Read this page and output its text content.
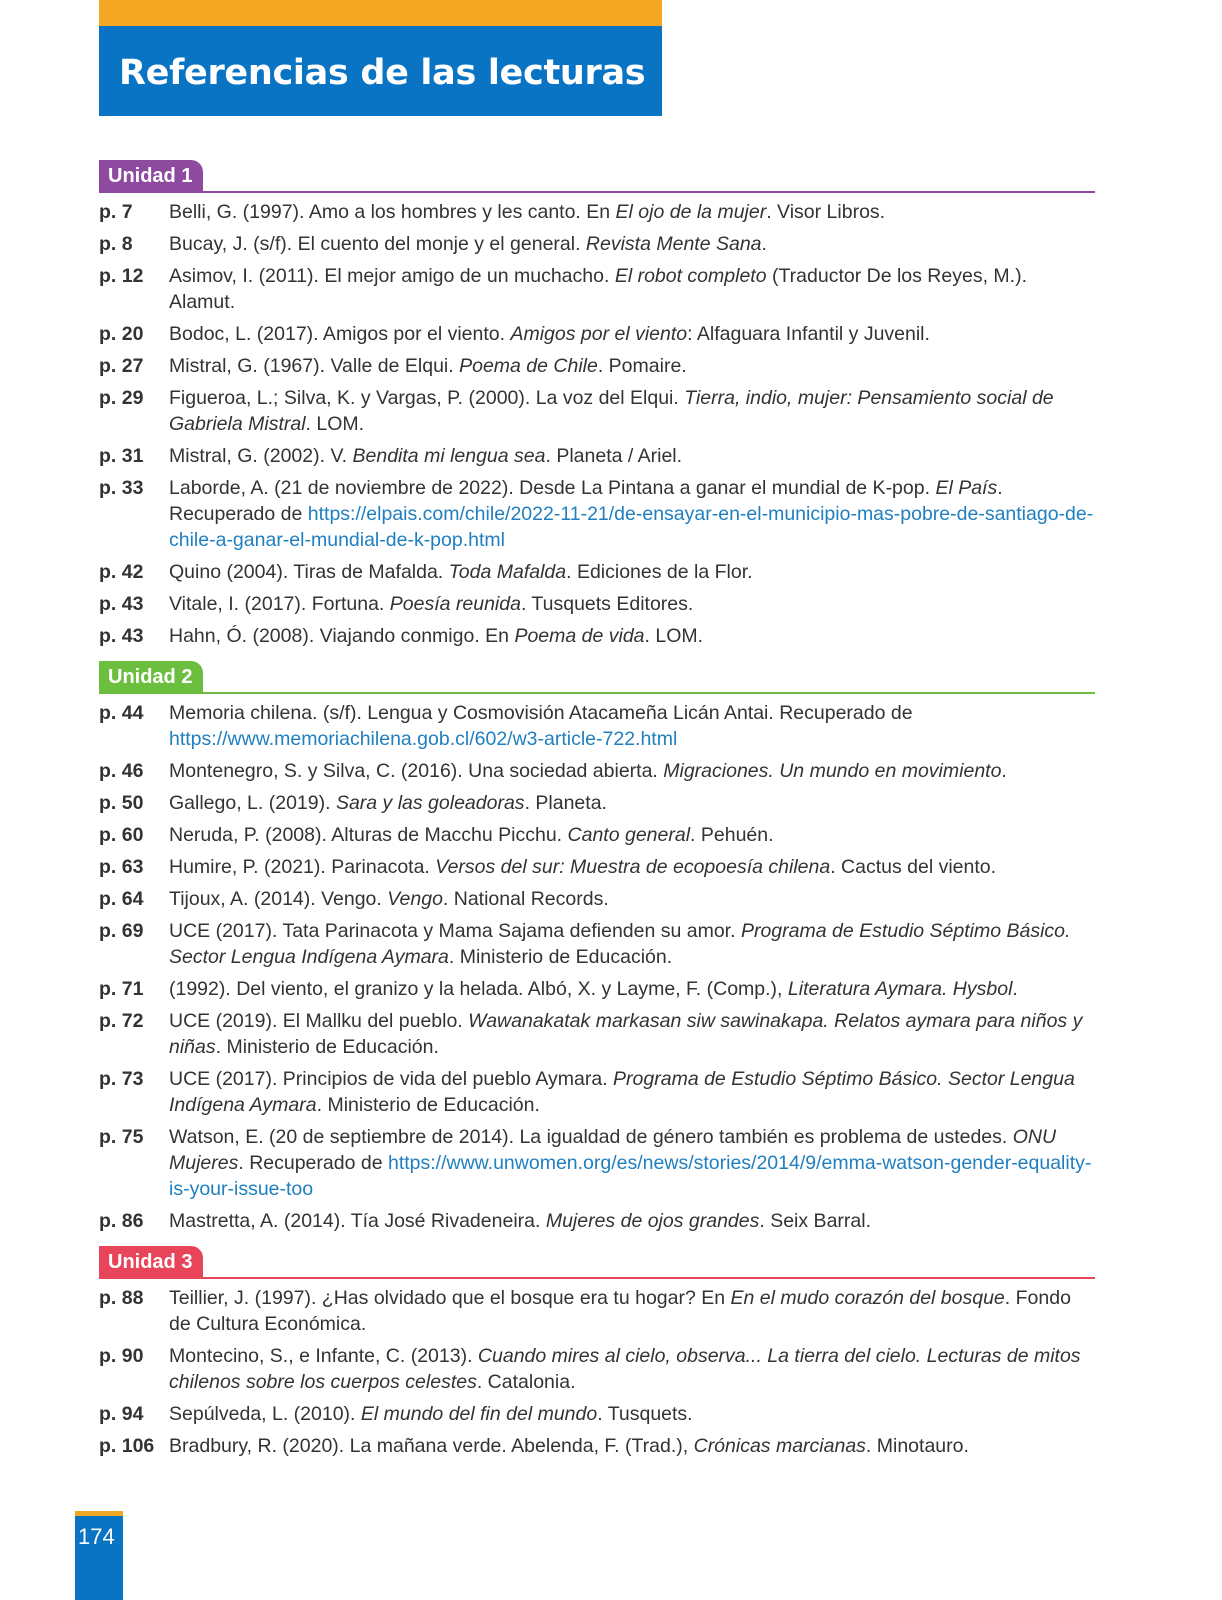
Referencias de las lecturas
Unidad 1
p. 7	Belli, G. (1997). Amo a los hombres y les canto. En El ojo de la mujer. Visor Libros.
p. 8	Bucay, J. (s/f). El cuento del monje y el general. Revista Mente Sana.
p. 12	Asimov, I. (2011). El mejor amigo de un muchacho. El robot completo (Traductor De los Reyes, M.). Alamut.
p. 20	Bodoc, L. (2017). Amigos por el viento. Amigos por el viento: Alfaguara Infantil y Juvenil.
p. 27	Mistral, G. (1967). Valle de Elqui. Poema de Chile. Pomaire.
p. 29	Figueroa, L.; Silva, K. y Vargas, P. (2000). La voz del Elqui. Tierra, indio, mujer: Pensamiento social de Gabriela Mistral. LOM.
p. 31	Mistral, G. (2002). V. Bendita mi lengua sea. Planeta / Ariel.
p. 33	Laborde, A. (21 de noviembre de 2022). Desde La Pintana a ganar el mundial de K-pop. El País. Recuperado de https://elpais.com/chile/2022-11-21/de-ensayar-en-el-municipio-mas-pobre-de-santiago-de-chile-a-ganar-el-mundial-de-k-pop.html
p. 42	Quino (2004). Tiras de Mafalda. Toda Mafalda. Ediciones de la Flor.
p. 43	Vitale, I. (2017). Fortuna. Poesía reunida. Tusquets Editores.
p. 43	Hahn, Ó. (2008). Viajando conmigo. En Poema de vida. LOM.
Unidad 2
p. 44	Memoria chilena. (s/f). Lengua y Cosmovisión Atacameña Licán Antai. Recuperado de https://www.memoriachilena.gob.cl/602/w3-article-722.html
p. 46	Montenegro, S. y Silva, C. (2016). Una sociedad abierta. Migraciones. Un mundo en movimiento.
p. 50	Gallego, L. (2019). Sara y las goleadoras. Planeta.
p. 60	Neruda, P. (2008). Alturas de Macchu Picchu. Canto general. Pehuén.
p. 63	Humire, P. (2021). Parinacota. Versos del sur: Muestra de ecopoesía chilena. Cactus del viento.
p. 64	Tijoux, A. (2014). Vengo. Vengo. National Records.
p. 69	UCE (2017). Tata Parinacota y Mama Sajama defienden su amor. Programa de Estudio Séptimo Básico. Sector Lengua Indígena Aymara. Ministerio de Educación.
p. 71	(1992). Del viento, el granizo y la helada. Albó, X. y Layme, F. (Comp.), Literatura Aymara. Hysbol.
p. 72	UCE (2019). El Mallku del pueblo. Wawanakatak markasan siw sawinakapa. Relatos aymara para niños y niñas. Ministerio de Educación.
p. 73	UCE (2017). Principios de vida del pueblo Aymara. Programa de Estudio Séptimo Básico. Sector Lengua Indígena Aymara. Ministerio de Educación.
p. 75	Watson, E. (20 de septiembre de 2014). La igualdad de género también es problema de ustedes. ONU Mujeres. Recuperado de https://www.unwomen.org/es/news/stories/2014/9/emma-watson-gender-equality-is-your-issue-too
p. 86	Mastretta, A. (2014). Tía José Rivadeneira. Mujeres de ojos grandes. Seix Barral.
Unidad 3
p. 88	Teillier, J. (1997). ¿Has olvidado que el bosque era tu hogar? En En el mudo corazón del bosque. Fondo de Cultura Económica.
p. 90	Montecino, S., e Infante, C. (2013). Cuando mires al cielo, observa... La tierra del cielo. Lecturas de mitos chilenos sobre los cuerpos celestes. Catalonia.
p. 94	Sepúlveda, L. (2010). El mundo del fin del mundo. Tusquets.
p. 106 Bradbury, R. (2020). La mañana verde. Abelenda, F. (Trad.), Crónicas marcianas. Minotauro.
174
